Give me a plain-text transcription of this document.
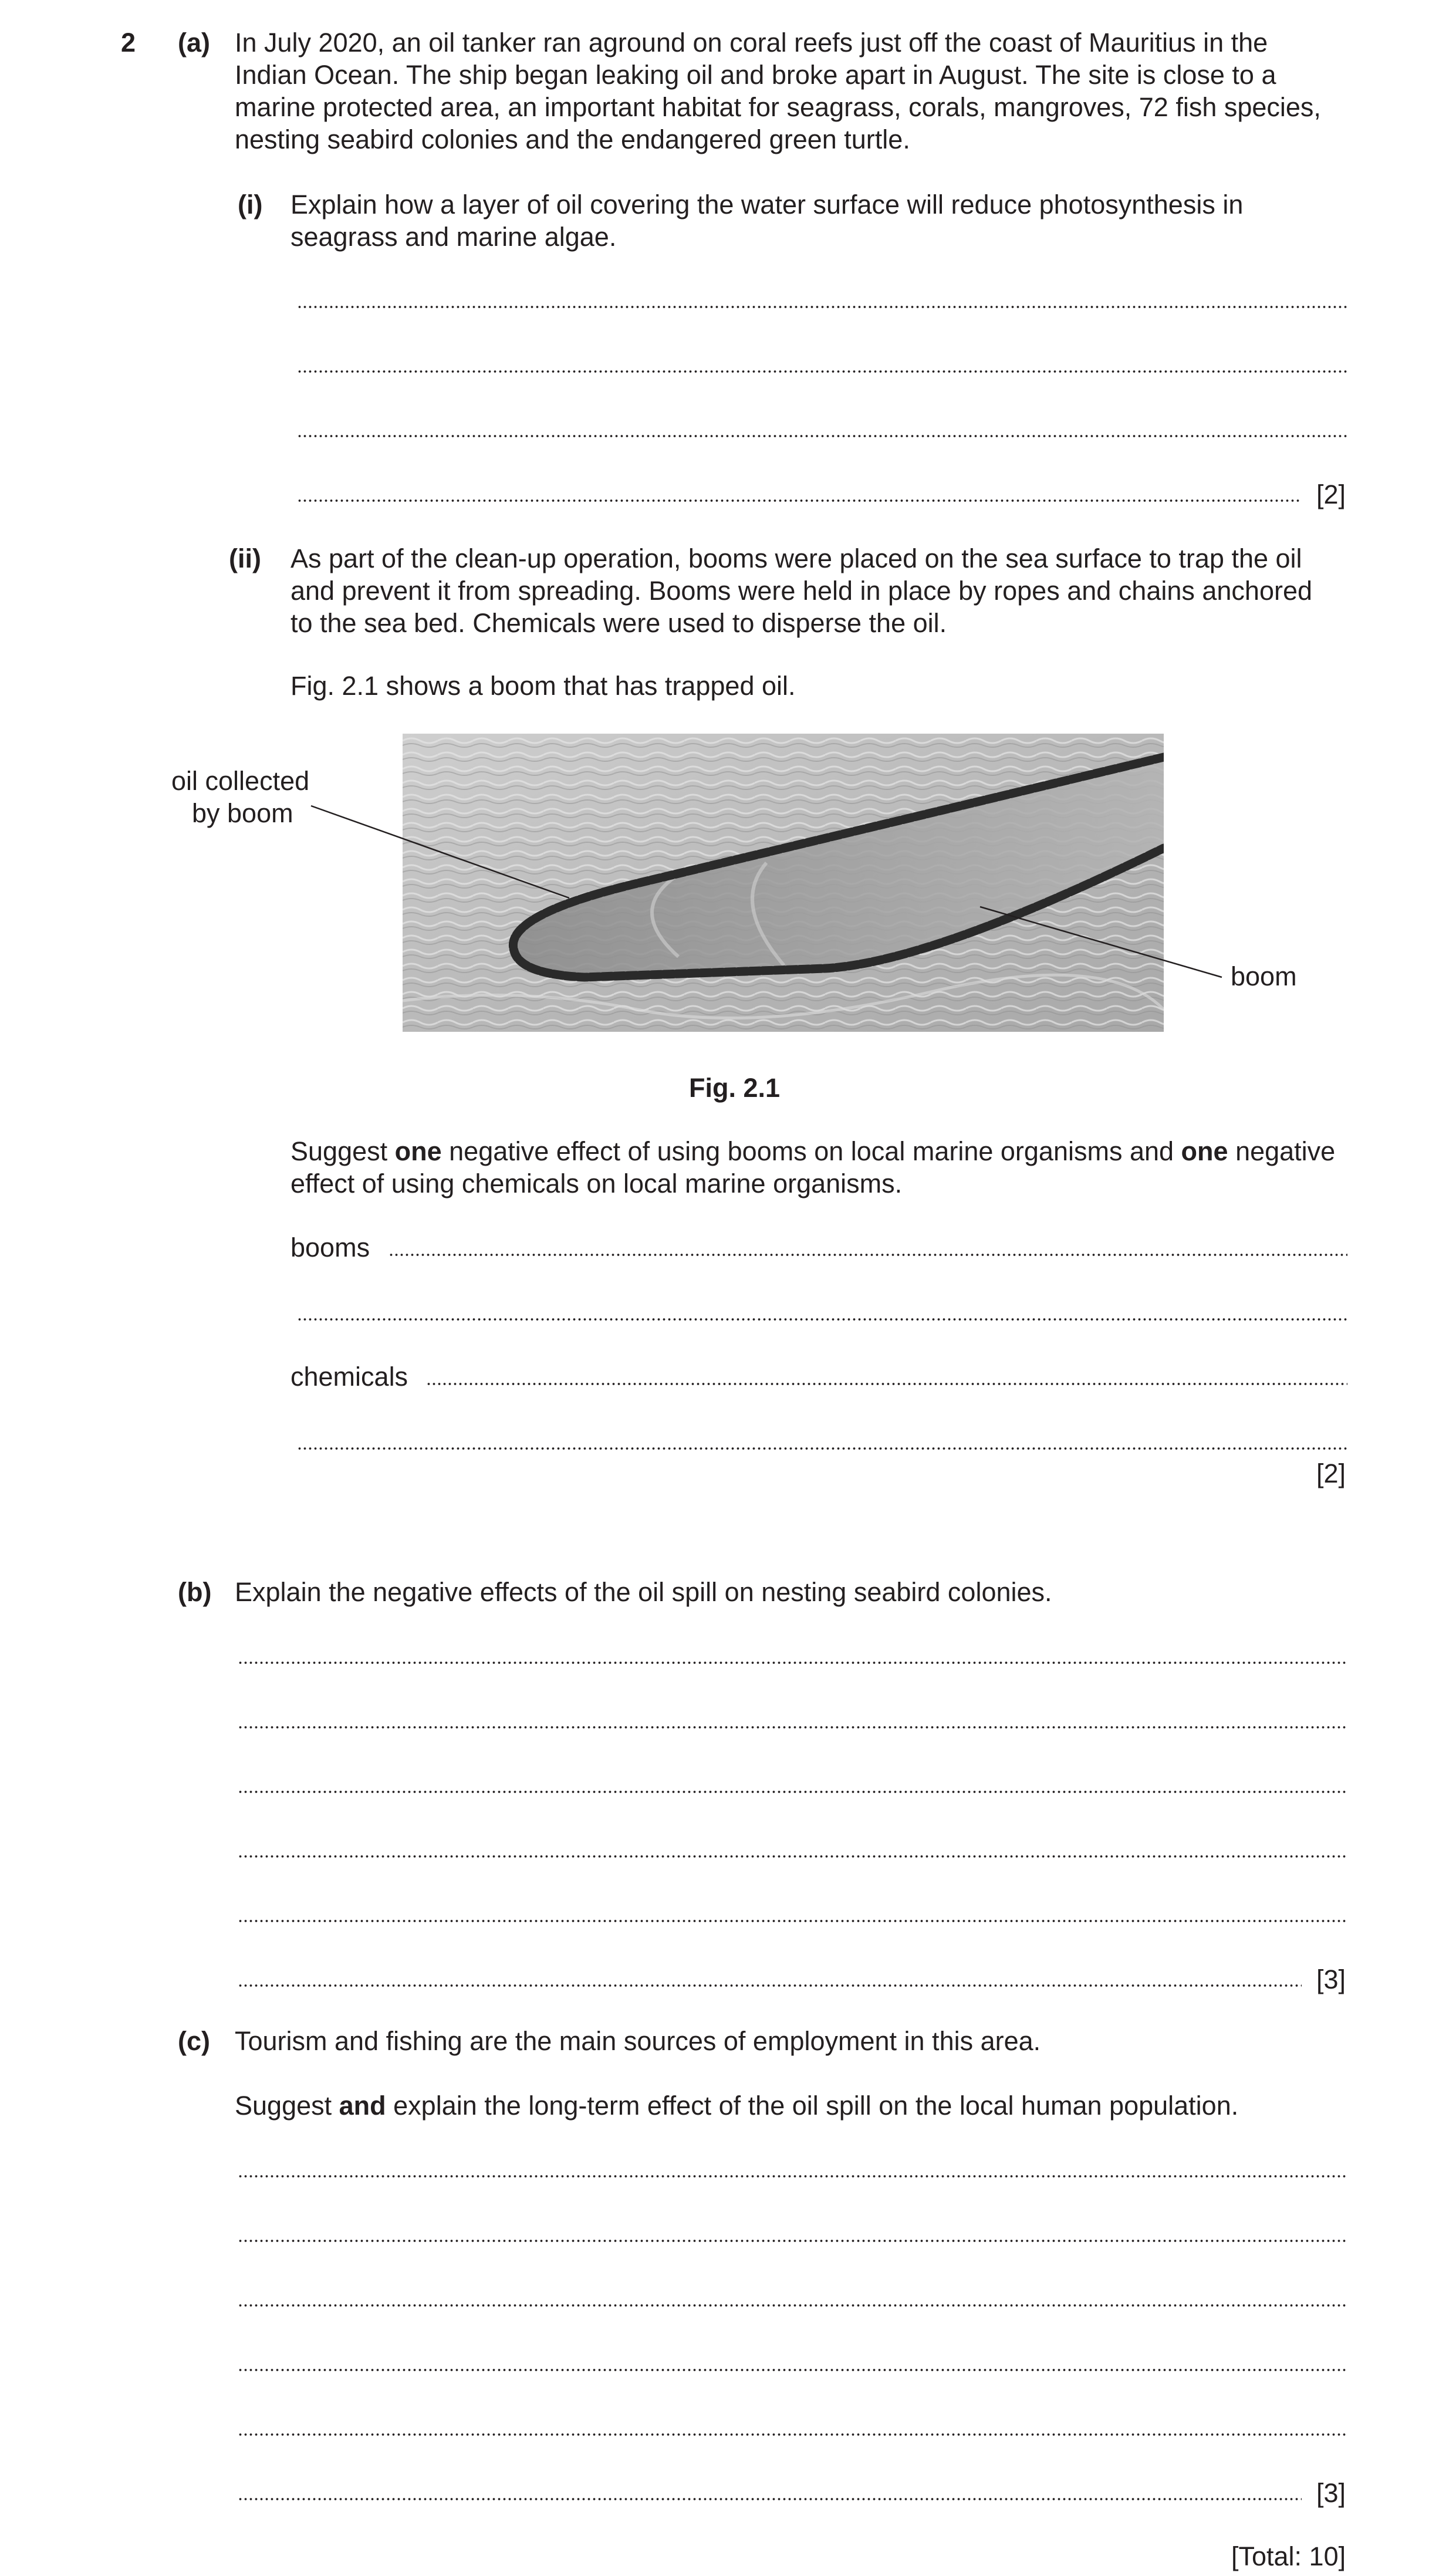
2 (a) In July 2020, an oil tanker ran aground on coral reefs just off the coast of Mauritius in the
Indian Ocean. The ship began leaking oil and broke apart in August. The site is close to a
marine protected area, an important habitat for seagrass, corals, mangroves, 72 fish species,
nesting seabird colonies and the endangered green turtle.
(i) Explain how a layer of oil covering the water surface will reduce photosynthesis in
seagrass and marine algae.
[2]
(ii) As part of the clean-up operation, booms were placed on the sea surface to trap the oil
and prevent it from spreading. Booms were held in place by ropes and chains anchored
to the sea bed. Chemicals were used to disperse the oil.
Fig. 2.1 shows a boom that has trapped oil.
oil collected
by boom
boom
Fig. 2.1
Suggest one negative effect of using booms on local marine organisms and one negative
effect of using chemicals on local marine organisms.
booms
chemicals
[2]
(b) Explain the negative effects of the oil spill on nesting seabird colonies.
[3]
(c) Tourism and fishing are the main sources of employment in this area.
Suggest and explain the long-term effect of the oil spill on the local human population.
[3]
[Total: 10]
